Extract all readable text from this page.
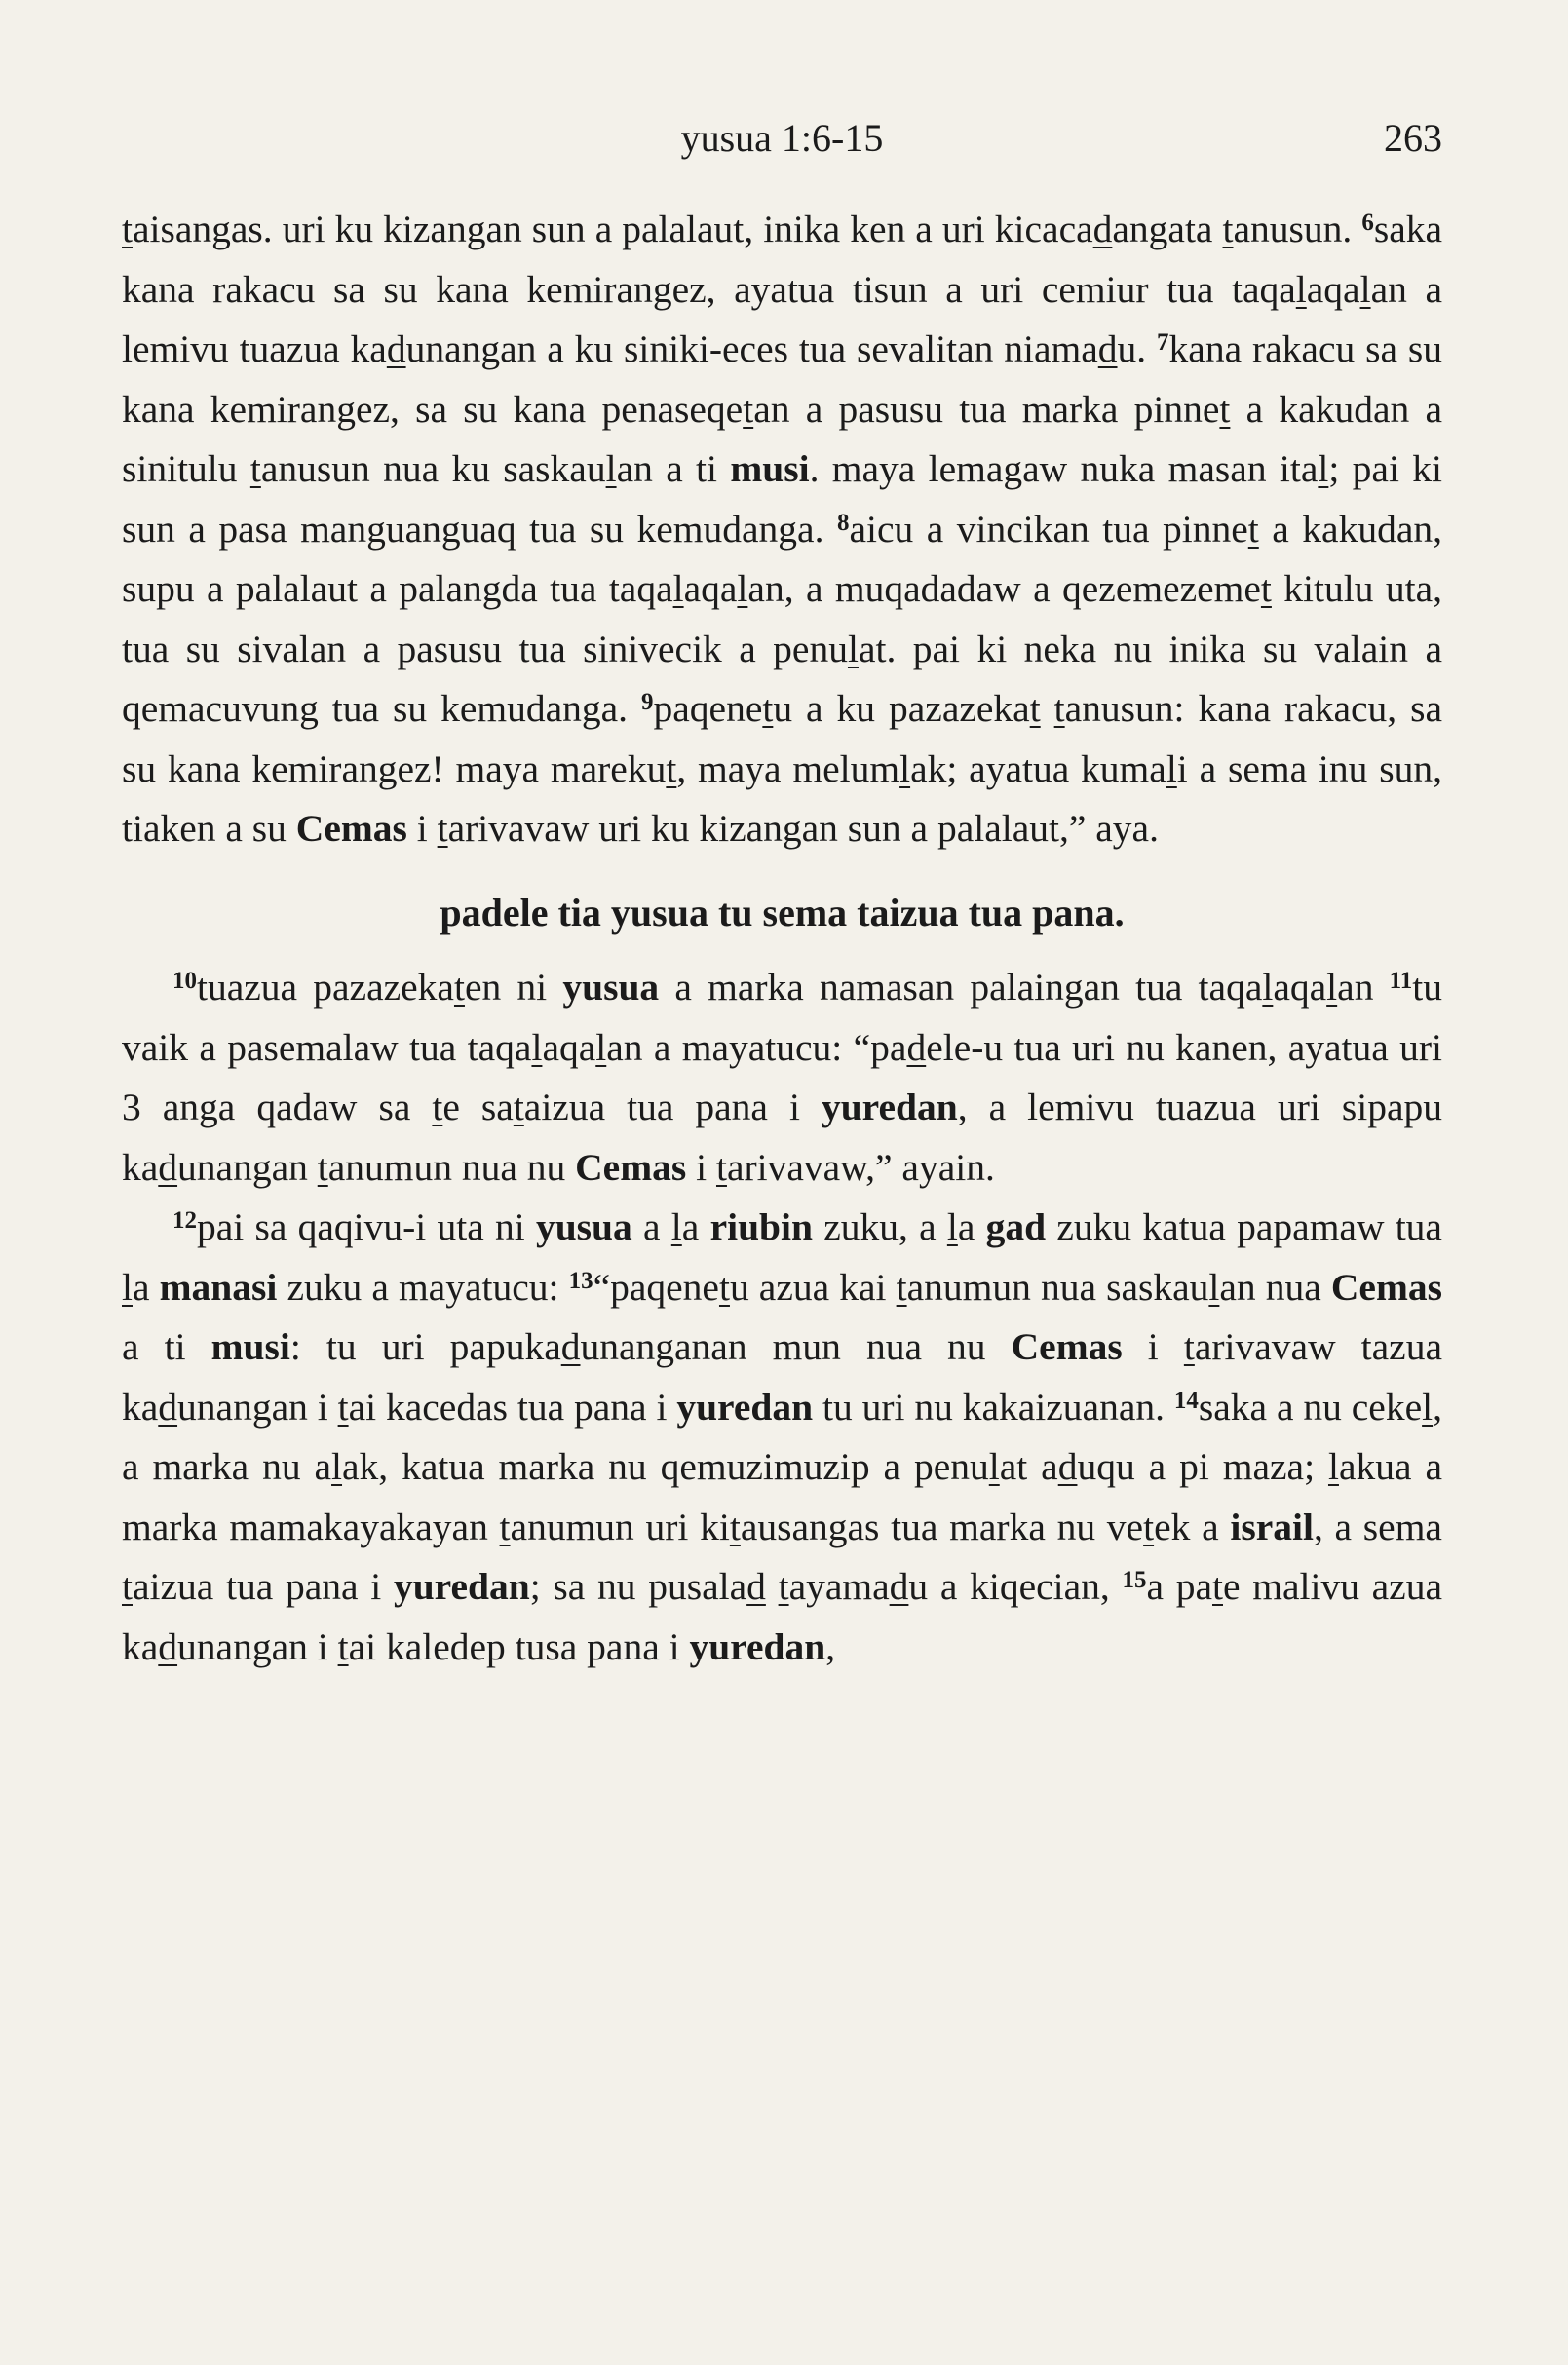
yusua 1:6-15	263

taisangas. uri ku kizangan sun a palalaut, inika ken a uri kicacadangata tanusun. $^6$saka kana rakacu sa su kana kemirangez, ayatua tisun a uri cemiur tua taqalaqalan a lemivu tuazua kadunangan a ku siniki-eces tua sevalitan niamadu. $^7$kana rakacu sa su kana kemirangez, sa su kana penaseqetan a pasusu tua marka pinnet a kakudan a sinitulu tanusun nua ku saskaulan a ti musi. maya lemagaw nuka masan ital; pai ki sun a pasa manguanguaq tua su kemudanga. $^8$aicu a vincikan tua pinnet a kakudan, supu a palalaut a palangda tua taqalaqalan, a muqadadaw a qezemezemet kitulu uta, tua su sivalan a pasusu tua sinivecik a penulat. pai ki neka nu inika su valain a qemacuvung tua su kemudanga. $^9$paqenetu a ku pazazekat tanusun: kana rakacu, sa su kana kemirangez! maya marekut, maya melumlak; ayatua kumali a sema inu sun, tiaken a su Cemas i tarivavaw uri ku kizangan sun a palalaut,” aya.

padele tia yusua tu sema taizua tua pana.

$^{10}$tuazua pazazekaten ni yusua a marka namasan palaingan tua taqalaqalan $^{11}$tu vaik a pasemalaw tua taqalaqalan a mayatucu: “padele-u tua uri nu kanen, ayatua uri 3 anga qadaw sa te sataizua tua pana i yuredan, a lemivu tuazua uri sipapu kadunangan tanumun nua nu Cemas i tarivavaw,” ayain.

$^{12}$pai sa qaqivu-i uta ni yusua a la riubin zuku, a la gad zuku katua papamaw tua la manasi zuku a mayatucu: $^{13}$“paqenetu azua kai tanumun nua saskaulan nua Cemas a ti musi: tu uri papukadunanganan mun nua nu Cemas i tarivavaw tazua kadunangan i tai kacedas tua pana i yuredan tu uri nu kakaizuanan. $^{14}$saka a nu cekel, a marka nu alak, katua marka nu qemuzimuzip a penulat aduqu a pi maza; lakua a marka mamakayakayan tanumun uri kitausangas tua marka nu vetek a israil, a sema taizua tua pana i yuredan; sa nu pusalad tayamadu a kiqecian, $^{15}$a pate malivu azua kadunangan i tai kaledep tusa pana i yuredan,
